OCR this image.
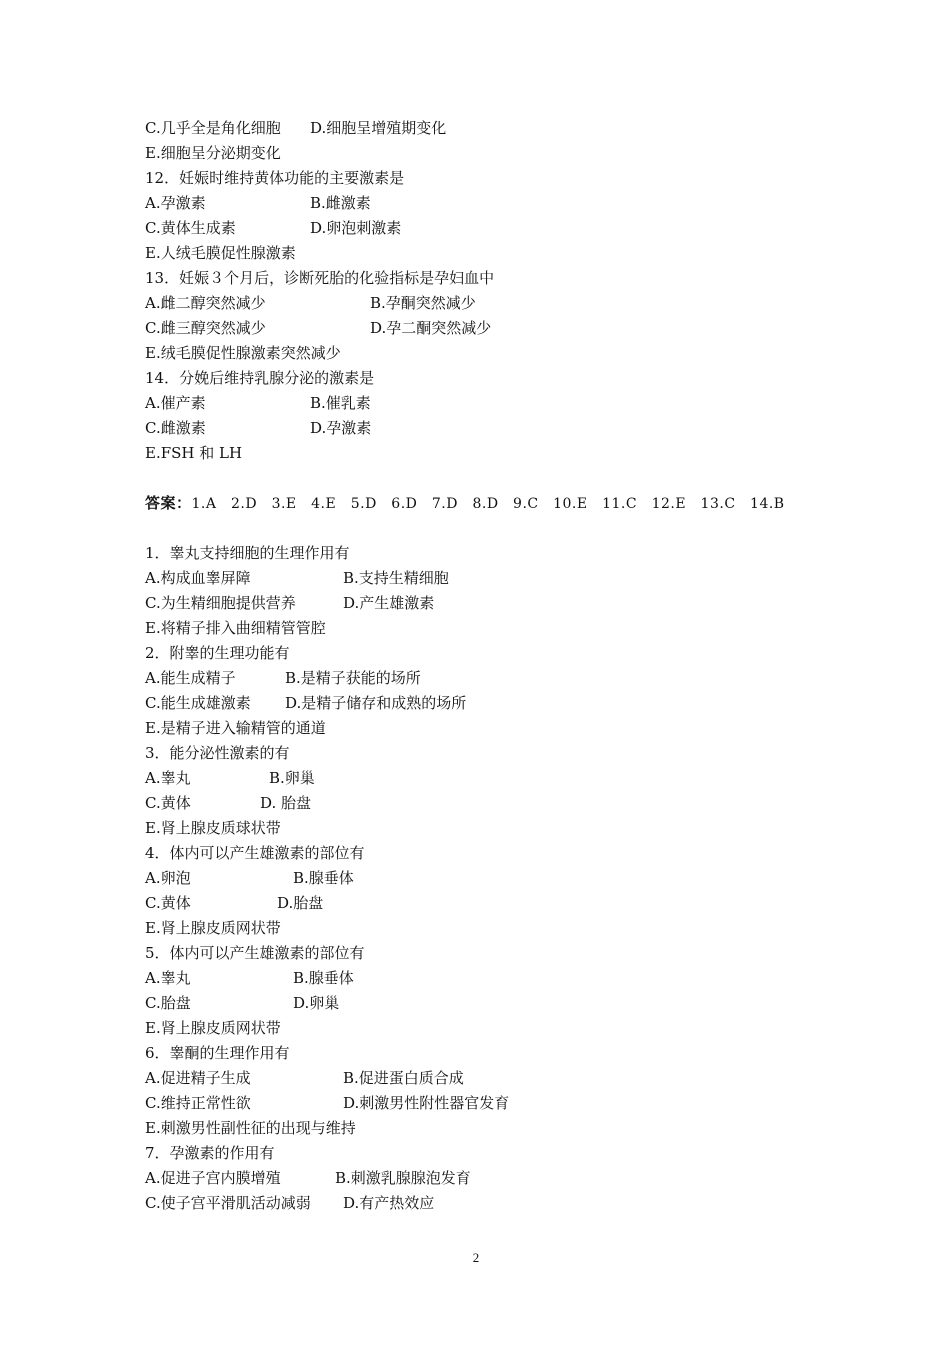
C.几乎全是角化细胞 D.细胞呈增殖期变化
E.细胞呈分泌期变化
12．妊娠时维持黄体功能的主要激素是
A.孕激素	B.雌激素
C.黄体生成素	D.卵泡刺激素
E.人绒毛膜促性腺激素
13．妊娠３个月后，诊断死胎的化验指标是孕妇血中
A.雌二醇突然减少	B.孕酮突然减少
C.雌三醇突然减少	D.孕二酮突然减少
E.绒毛膜促性腺激素突然减少
14．分娩后维持乳腺分泌的激素是
A.催产素	B.催乳素
C.雌激素	D.孕激素
E.FSH 和 LH
答案：1.A　2.D　3.E　4.E　5.D　6.D　7.D　8.D　9.C　10.E　11.C　12.E　13.C　14.B
1．睾丸支持细胞的生理作用有
A.构成血睾屏障	B.支持生精细胞
C.为生精细胞提供营养	D.产生雄激素
E.将精子排入曲细精管管腔
2．附睾的生理功能有
A.能生成精子	B.是精子获能的场所
C.能生成雄激素 D.是精子储存和成熟的场所
E.是精子进入输精管的通道
3．能分泌性激素的有
A.睾丸	B.卵巢
C.黄体	D. 胎盘
E.肾上腺皮质球状带
4．体内可以产生雄激素的部位有
A.卵泡	B.腺垂体
C.黄体	D.胎盘
E.肾上腺皮质网状带
5．体内可以产生雄激素的部位有
A.睾丸	B.腺垂体
C.胎盘	D.卵巢
E.肾上腺皮质网状带
6．睾酮的生理作用有
A.促进精子生成	B.促进蛋白质合成
C.维持正常性欲	D.刺激男性附性器官发育
E.刺激男性副性征的出现与维持
7．孕激素的作用有
A.促进子宫内膜增殖	B.刺激乳腺腺泡发育
C.使子宫平滑肌活动减弱 D.有产热效应
2
